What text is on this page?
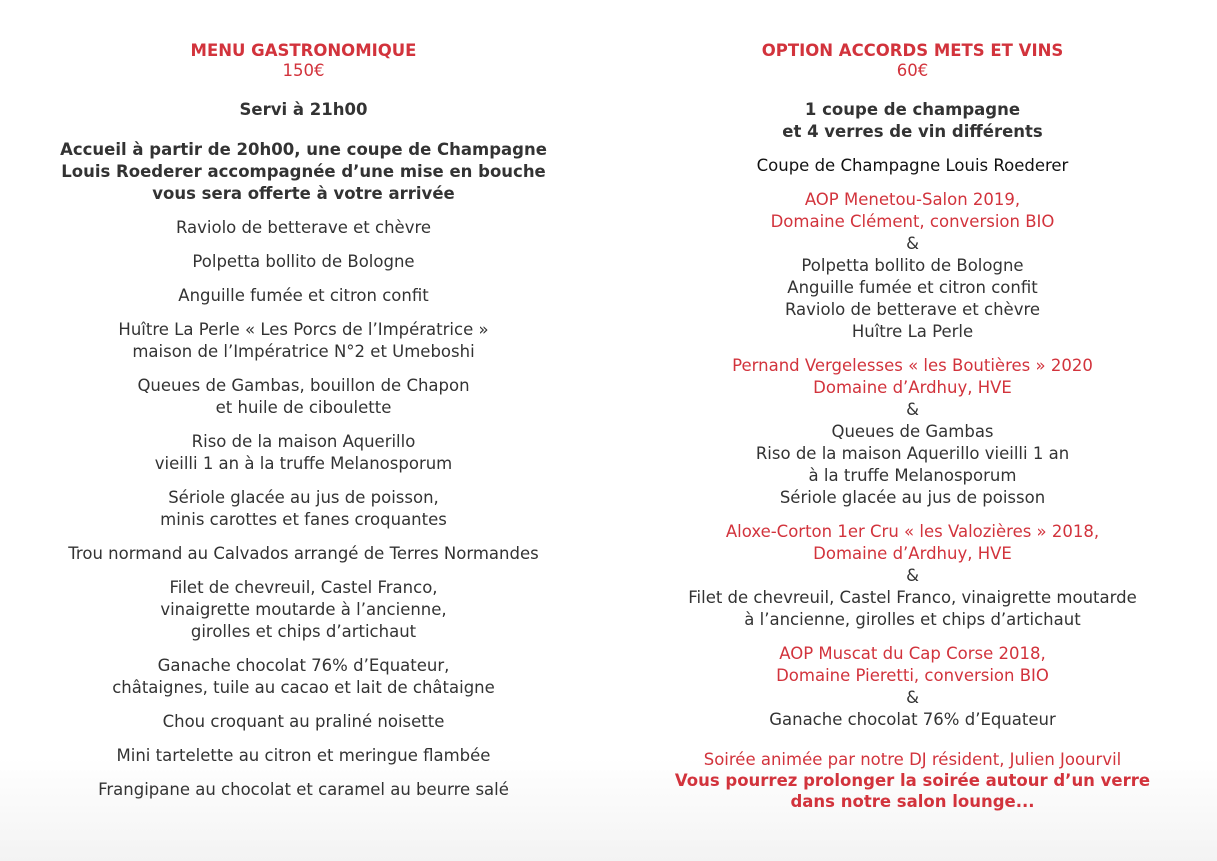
MENU GASTRONOMIQUE
150€
Servi à 21h00
Accueil à partir de 20h00, une coupe de Champagne
Louis Roederer accompagnée d’une mise en bouche
vous sera offerte à votre arrivée
Raviolo de betterave et chèvre
Polpetta bollito de Bologne
Anguille fumée et citron confit
Huître La Perle « Les Porcs de l’Impératrice »
maison de l’Impératrice N°2 et Umeboshi
Queues de Gambas, bouillon de Chapon
et huile de ciboulette
Riso de la maison Aquerillo
vieilli 1 an à la truffe Melanosporum
Sériole glacée au jus de poisson,
minis carottes et fanes croquantes
Trou normand au Calvados arrangé de Terres Normandes
Filet de chevreuil, Castel Franco,
vinaigrette moutarde à l’ancienne,
girolles et chips d’artichaut
Ganache chocolat 76% d’Equateur,
châtaignes, tuile au cacao et lait de châtaigne
Chou croquant au praliné noisette
Mini tartelette au citron et meringue flambée
Frangipane au chocolat et caramel au beurre salé
OPTION ACCORDS METS ET VINS
60€
1 coupe de champagne
et 4 verres de vin différents
Coupe de Champagne Louis Roederer
AOP Menetou-Salon 2019,
Domaine Clément, conversion BIO
&
Polpetta bollito de Bologne
Anguille fumée et citron confit
Raviolo de betterave et chèvre
Huître La Perle
Pernand Vergelesses « les Boutières » 2020
Domaine d’Ardhuy, HVE
&
Queues de Gambas
Riso de la maison Aquerillo vieilli 1 an
à la truffe Melanosporum
Sériole glacée au jus de poisson
Aloxe-Corton 1er Cru « les Valozières » 2018,
Domaine d’Ardhuy, HVE
&
Filet de chevreuil, Castel Franco, vinaigrette moutarde
à l’ancienne, girolles et chips d’artichaut
AOP Muscat du Cap Corse 2018,
Domaine Pieretti, conversion BIO
&
Ganache chocolat 76% d’Equateur
Soirée animée par notre DJ résident, Julien Joourvil
Vous pourrez prolonger la soirée autour d’un verre
dans notre salon lounge...
